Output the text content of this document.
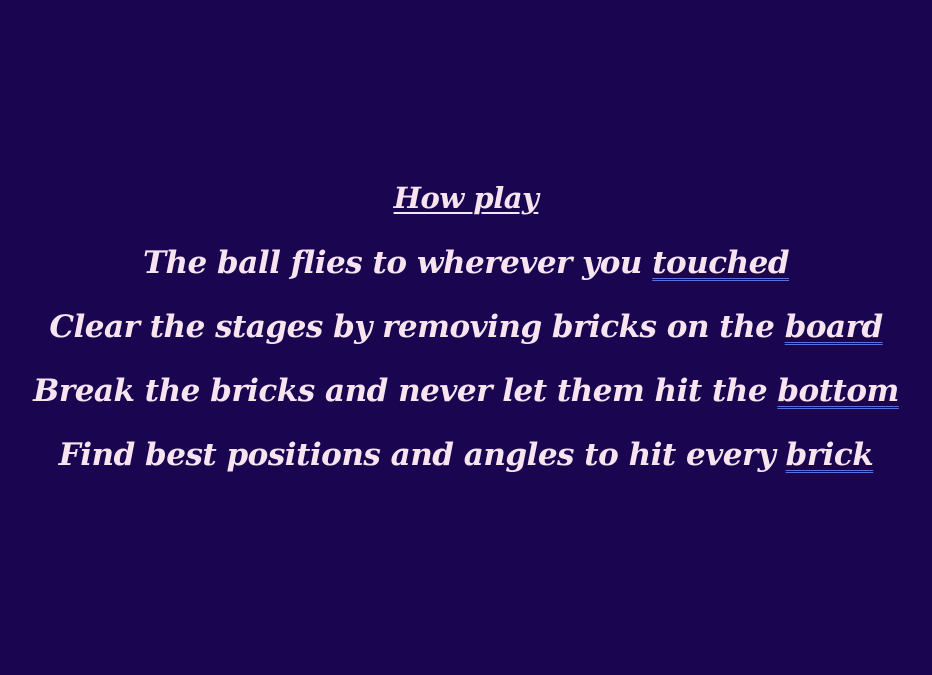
How play
The ball flies to wherever you touched
Clear the stages by removing bricks on the board
Break the bricks and never let them hit the bottom
Find best positions and angles to hit every brick
